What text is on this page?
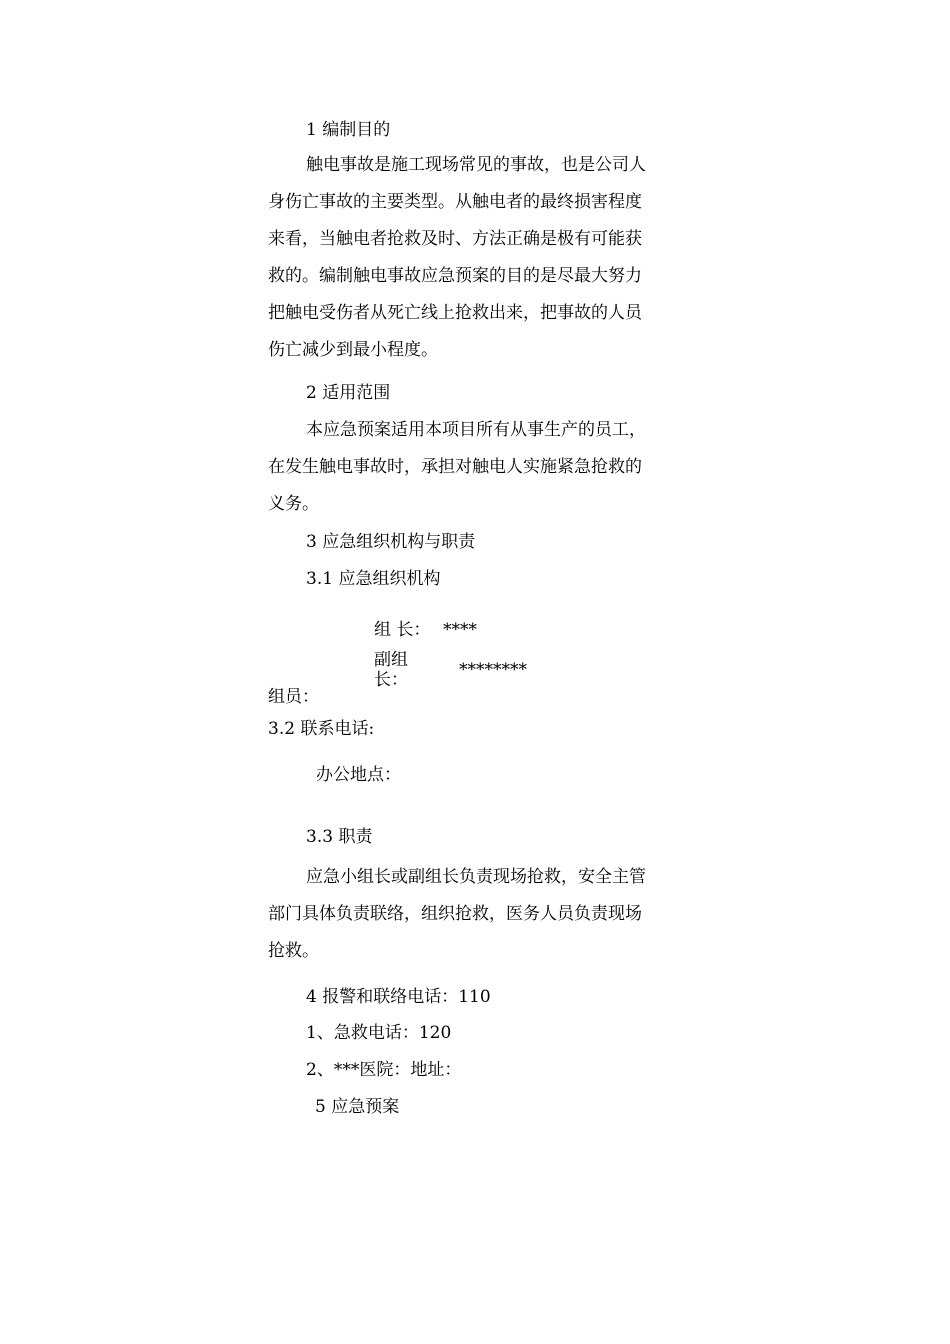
1 编制目的
触电事故是施工现场常见的事故，也是公司人
身伤亡事故的主要类型。从触电者的最终损害程度
来看，当触电者抢救及时、方法正确是极有可能获
救的。编制触电事故应急预案的目的是尽最大努力
把触电受伤者从死亡线上抢救出来，把事故的人员
伤亡减少到最小程度。
2 适用范围
本应急预案适用本项目所有从事生产的员工，
在发生触电事故时，承担对触电人实施紧急抢救的
义务。
3 应急组织机构与职责
3.1 应急组织机构
组 长： ****
副组
长：	********
组员：
3.2 联系电话:
办公地点：
3.3 职责
应急小组长或副组长负责现场抢救，安全主管
部门具体负责联络，组织抢救，医务人员负责现场
抢救。
4 报警和联络电话：110
1、急救电话：120
2、***医院：地址：
5 应急预案
